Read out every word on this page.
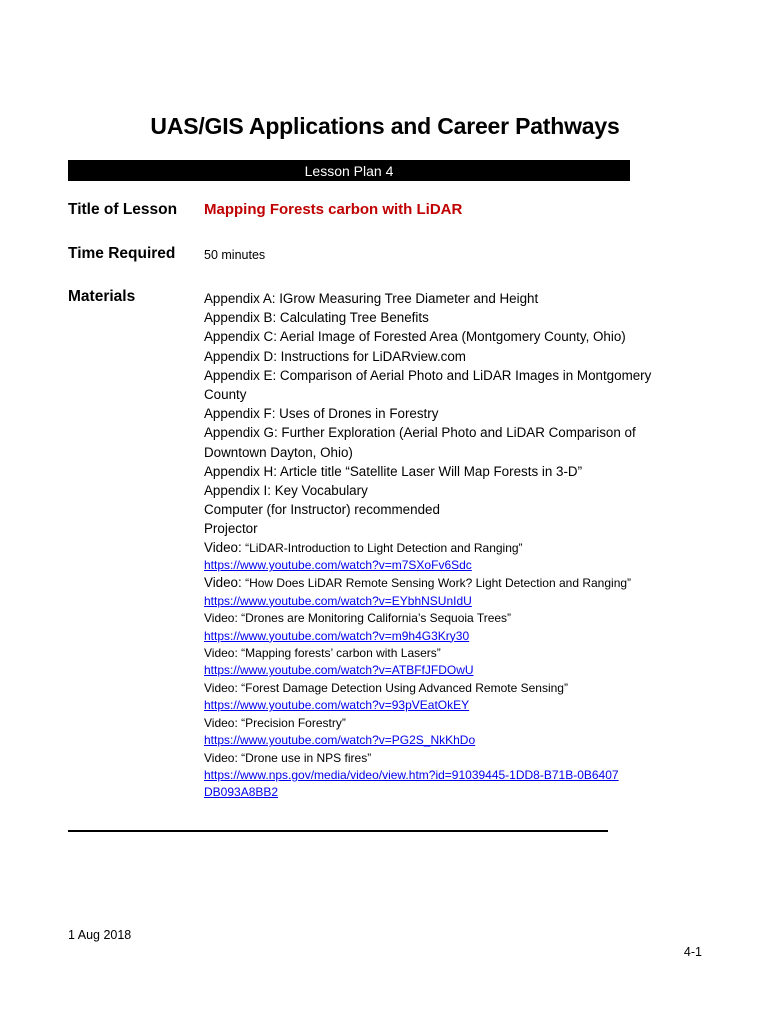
UAS/GIS Applications and Career Pathways
Lesson Plan 4
Title of Lesson Mapping Forests carbon with LiDAR
Time Required 50 minutes
Materials	Appendix A: IGrow Measuring Tree Diameter and Height
Appendix B: Calculating Tree Benefits
Appendix C: Aerial Image of Forested Area (Montgomery County, Ohio)
Appendix D: Instructions for LiDARview.com
Appendix E: Comparison of Aerial Photo and LiDAR Images in Montgomery County
Appendix F: Uses of Drones in Forestry
Appendix G: Further Exploration (Aerial Photo and LiDAR Comparison of Downtown Dayton, Ohio)
Appendix H: Article title “Satellite Laser Will Map Forests in 3-D”
Appendix I: Key Vocabulary
Computer (for Instructor) recommended
Projector
Video: “LiDAR-Introduction to Light Detection and Ranging”
https://www.youtube.com/watch?v=m7SXoFv6Sdc
Video: “How Does LiDAR Remote Sensing Work? Light Detection and Ranging”
https://www.youtube.com/watch?v=EYbhNSUnIdU
Video: “Drones are Monitoring California’s Sequoia Trees”
https://www.youtube.com/watch?v=m9h4G3Kry30
Video: “Mapping forests’ carbon with Lasers”
https://www.youtube.com/watch?v=ATBFfJFDOwU
Video: “Forest Damage Detection Using Advanced Remote Sensing”
https://www.youtube.com/watch?v=93pVEatOkEY
Video: “Precision Forestry”
https://www.youtube.com/watch?v=PG2S_NkKhDo
Video: “Drone use in NPS fires”
https://www.nps.gov/media/video/view.htm?id=91039445-1DD8-B71B-0B6407DB093A8BB2
1 Aug 2018
4-1
